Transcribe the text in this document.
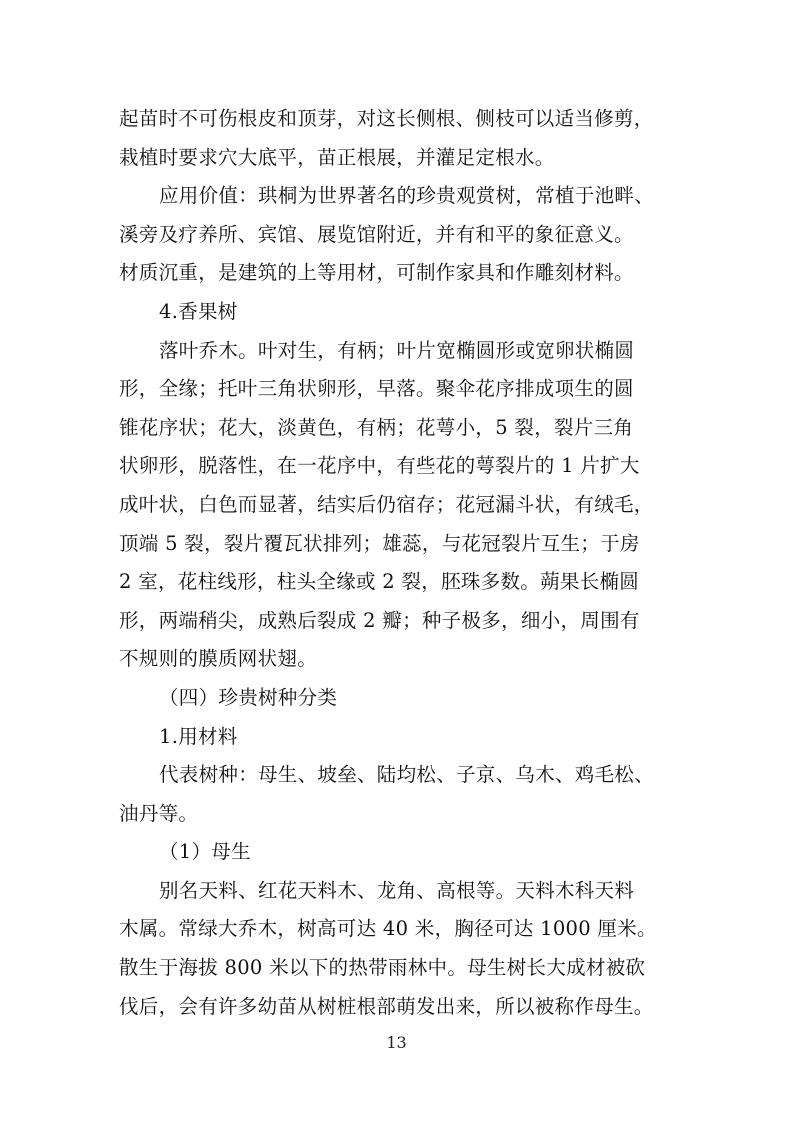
起苗时不可伤根皮和顶芽，对这长侧根、侧枝可以适当修剪，
栽植时要求穴大底平，苗正根展，并灌足定根水。

应用价值：珙桐为世界著名的珍贵观赏树，常植于池畔、
溪旁及疗养所、宾馆、展览馆附近，并有和平的象征意义。
材质沉重，是建筑的上等用材，可制作家具和作雕刻材料。

4.香果树

落叶乔木。叶对生，有柄；叶片宽椭圆形或宽卵状椭圆
形，全缘；托叶三角状卵形，早落。聚伞花序排成项生的圆
锥花序状；花大，淡黄色，有柄；花萼小，5 裂，裂片三角
状卵形，脱落性，在一花序中，有些花的萼裂片的 1 片扩大
成叶状，白色而显著，结实后仍宿存；花冠漏斗状，有绒毛，
顶端 5 裂，裂片覆瓦状排列；雄蕊，与花冠裂片互生；于房
2 室，花柱线形，柱头全缘或 2 裂，胚珠多数。蒴果长椭圆
形，两端稍尖，成熟后裂成 2 瓣；种子极多，细小，周围有
不规则的膜质网状翅。

（四）珍贵树种分类

1.用材料

代表树种：母生、坡垒、陆均松、子京、乌木、鸡毛松、
油丹等。

（1）母生

别名天料、红花天料木、龙角、高根等。天料木科天料
木属。常绿大乔木，树高可达 40 米，胸径可达 1000 厘米。
散生于海拔 800 米以下的热带雨林中。母生树长大成材被砍
伐后，会有许多幼苗从树桩根部萌发出来，所以被称作母生。

13
